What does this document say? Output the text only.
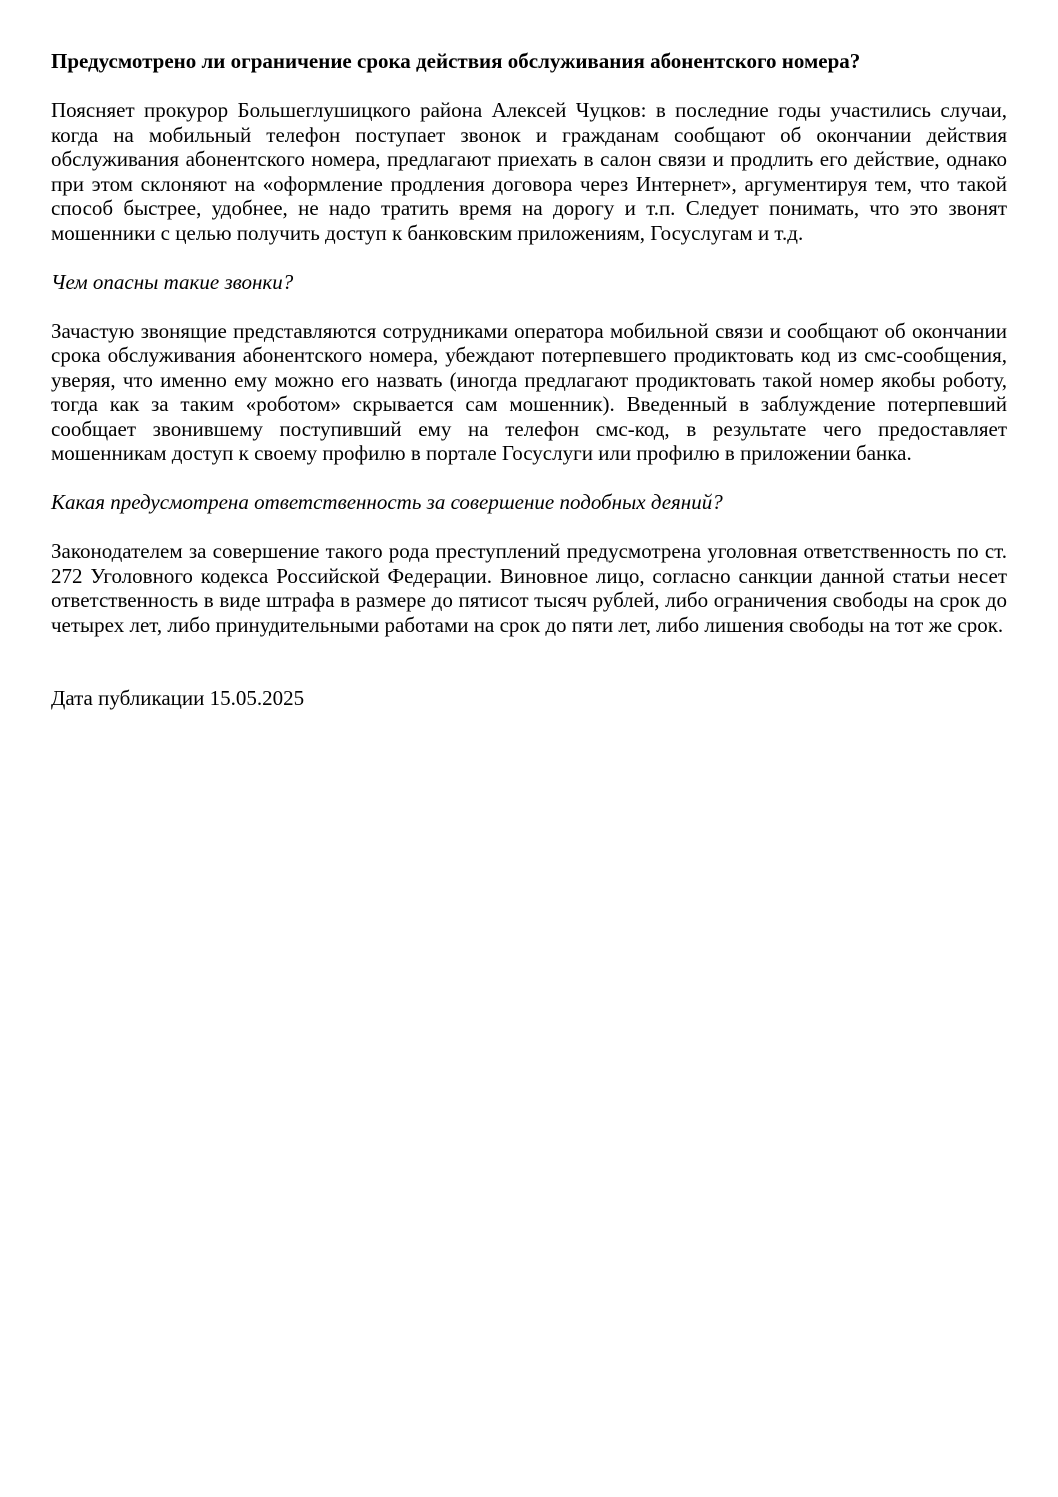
Предусмотрено ли ограничение срока действия обслуживания абонентского номера?

Поясняет прокурор Большеглушицкого района Алексей Чуцков: в последние годы участились случаи, когда на мобильный телефон поступает звонок и гражданам сообщают об окончании действия обслуживания абонентского номера, предлагают приехать в салон связи и продлить его действие, однако при этом склоняют на «оформление продления договора через Интернет», аргументируя тем, что такой способ быстрее, удобнее, не надо тратить время на дорогу и т.п. Следует понимать, что это звонят мошенники с целью получить доступ к банковским приложениям, Госуслугам и т.д.

Чем опасны такие звонки?

Зачастую звонящие представляются сотрудниками оператора мобильной связи и сообщают об окончании срока обслуживания абонентского номера, убеждают потерпевшего продиктовать код из смс-сообщения, уверяя, что именно ему можно его назвать (иногда предлагают продиктовать такой номер якобы роботу, тогда как за таким «роботом» скрывается сам мошенник). Введенный в заблуждение потерпевший сообщает звонившему поступивший ему на телефон смс-код, в результате чего предоставляет мошенникам доступ к своему профилю в портале Госуслуги или профилю в приложении банка.

Какая предусмотрена ответственность за совершение подобных деяний?

Законодателем за совершение такого рода преступлений предусмотрена уголовная ответственность по ст. 272 Уголовного кодекса Российской Федерации. Виновное лицо, согласно санкции данной статьи несет ответственность в виде штрафа в размере до пятисот тысяч рублей, либо ограничения свободы на срок до четырех лет, либо принудительными работами на срок до пяти лет, либо лишения свободы на тот же срок.

Дата публикации 15.05.2025
